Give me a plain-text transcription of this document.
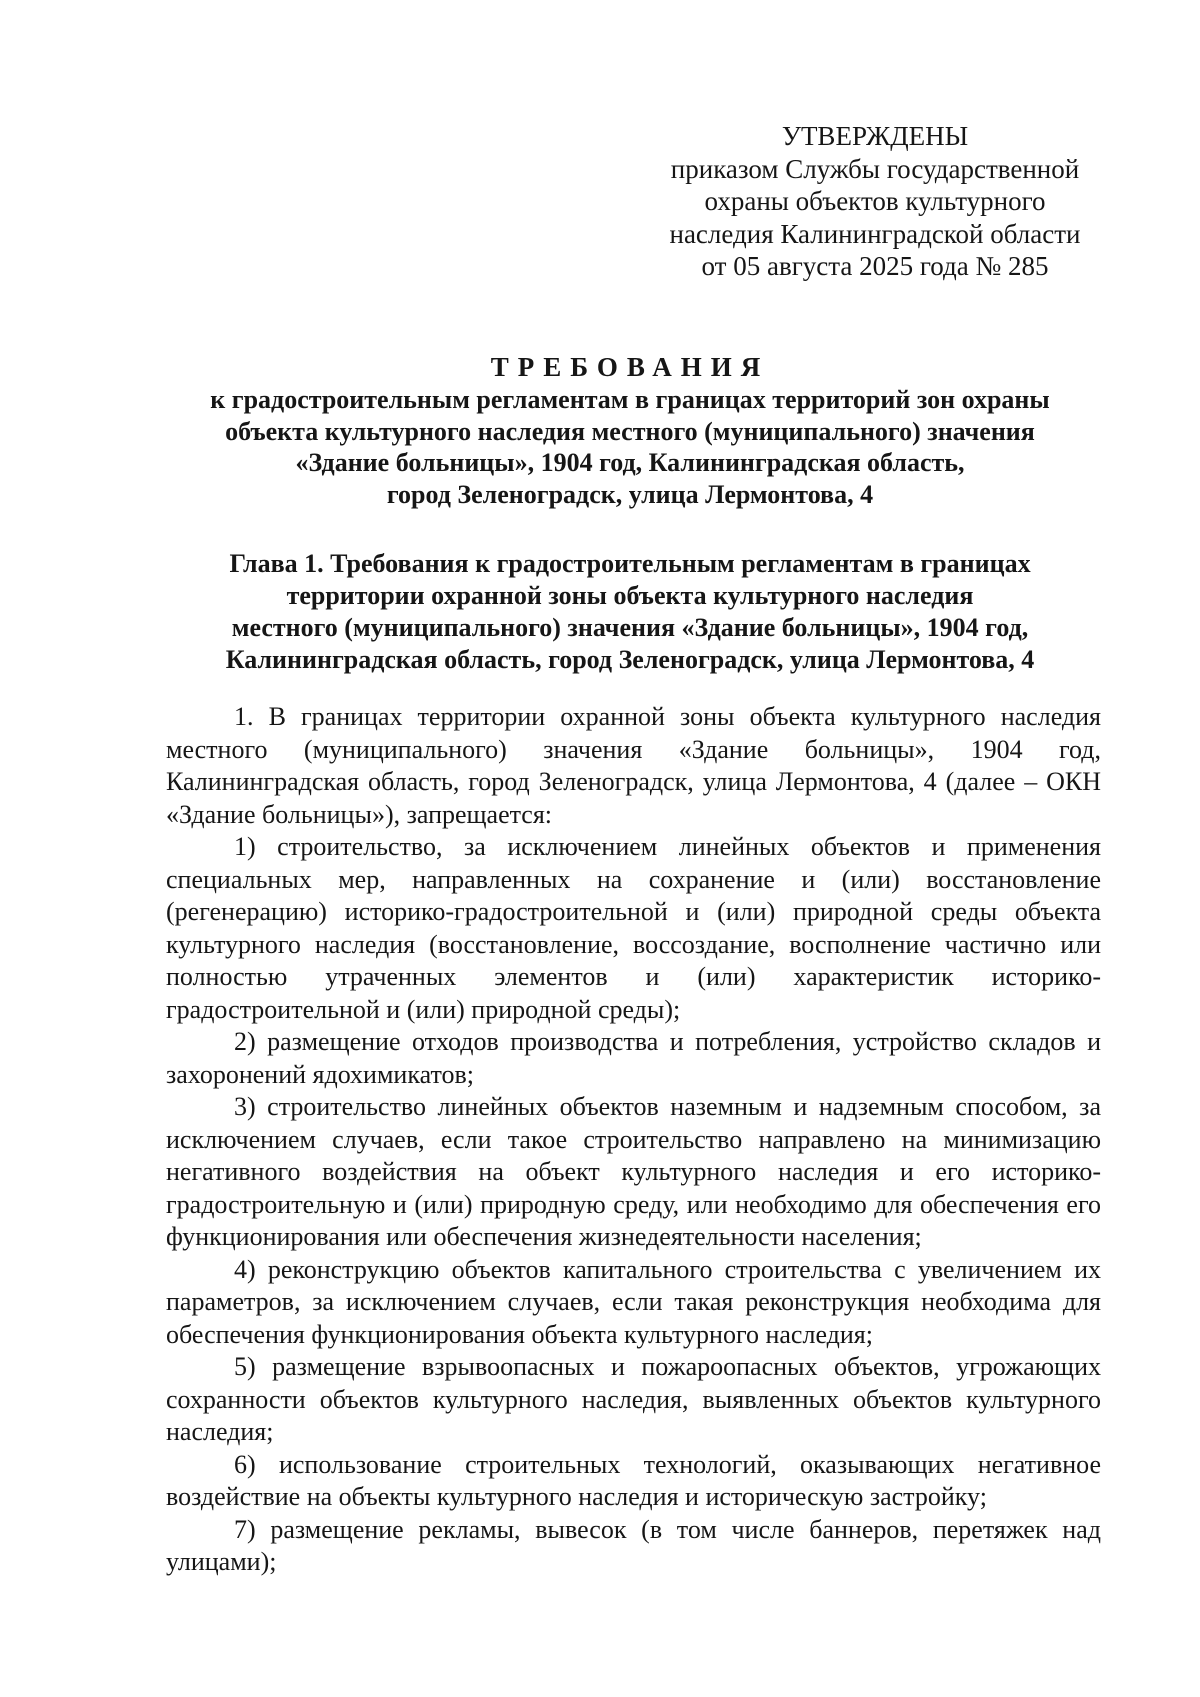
УТВЕРЖДЕНЫ
приказом Службы государственной
охраны объектов культурного
наследия Калининградской области
от 05 августа 2025 года № 285
ТРЕБОВАНИЯ
к градостроительным регламентам в границах территорий зон охраны
объекта культурного наследия местного (муниципального) значения
«Здание больницы», 1904 год, Калининградская область,
город Зеленоградск, улица Лермонтова, 4
Глава 1. Требования к градостроительным регламентам в границах
территории охранной зоны объекта культурного наследия
местного (муниципального) значения «Здание больницы», 1904 год,
Калининградская область, город Зеленоградск, улица Лермонтова, 4

1. В границах территории охранной зоны объекта культурного наследия местного (муниципального) значения «Здание больницы», 1904 год, Калининградская область, город Зеленоградск, улица Лермонтова, 4 (далее – ОКН «Здание больницы»), запрещается:

1) строительство, за исключением линейных объектов и применения специальных мер, направленных на сохранение и (или) восстановление (регенерацию) историко-градостроительной и (или) природной среды объекта культурного наследия (восстановление, воссоздание, восполнение частично или полностью утраченных элементов и (или) характеристик историко-градостроительной и (или) природной среды);

2) размещение отходов производства и потребления, устройство складов и захоронений ядохимикатов;

3) строительство линейных объектов наземным и надземным способом, за исключением случаев, если такое строительство направлено на минимизацию негативного воздействия на объект культурного наследия и его историко-градостроительную и (или) природную среду, или необходимо для обеспечения его функционирования или обеспечения жизнедеятельности населения;

4) реконструкцию объектов капитального строительства с увеличением их параметров, за исключением случаев, если такая реконструкция необходима для обеспечения функционирования объекта культурного наследия;

5) размещение взрывоопасных и пожароопасных объектов, угрожающих сохранности объектов культурного наследия, выявленных объектов культурного наследия;

6) использование строительных технологий, оказывающих негативное воздействие на объекты культурного наследия и историческую застройку;

7) размещение рекламы, вывесок (в том числе баннеров, перетяжек над улицами);
